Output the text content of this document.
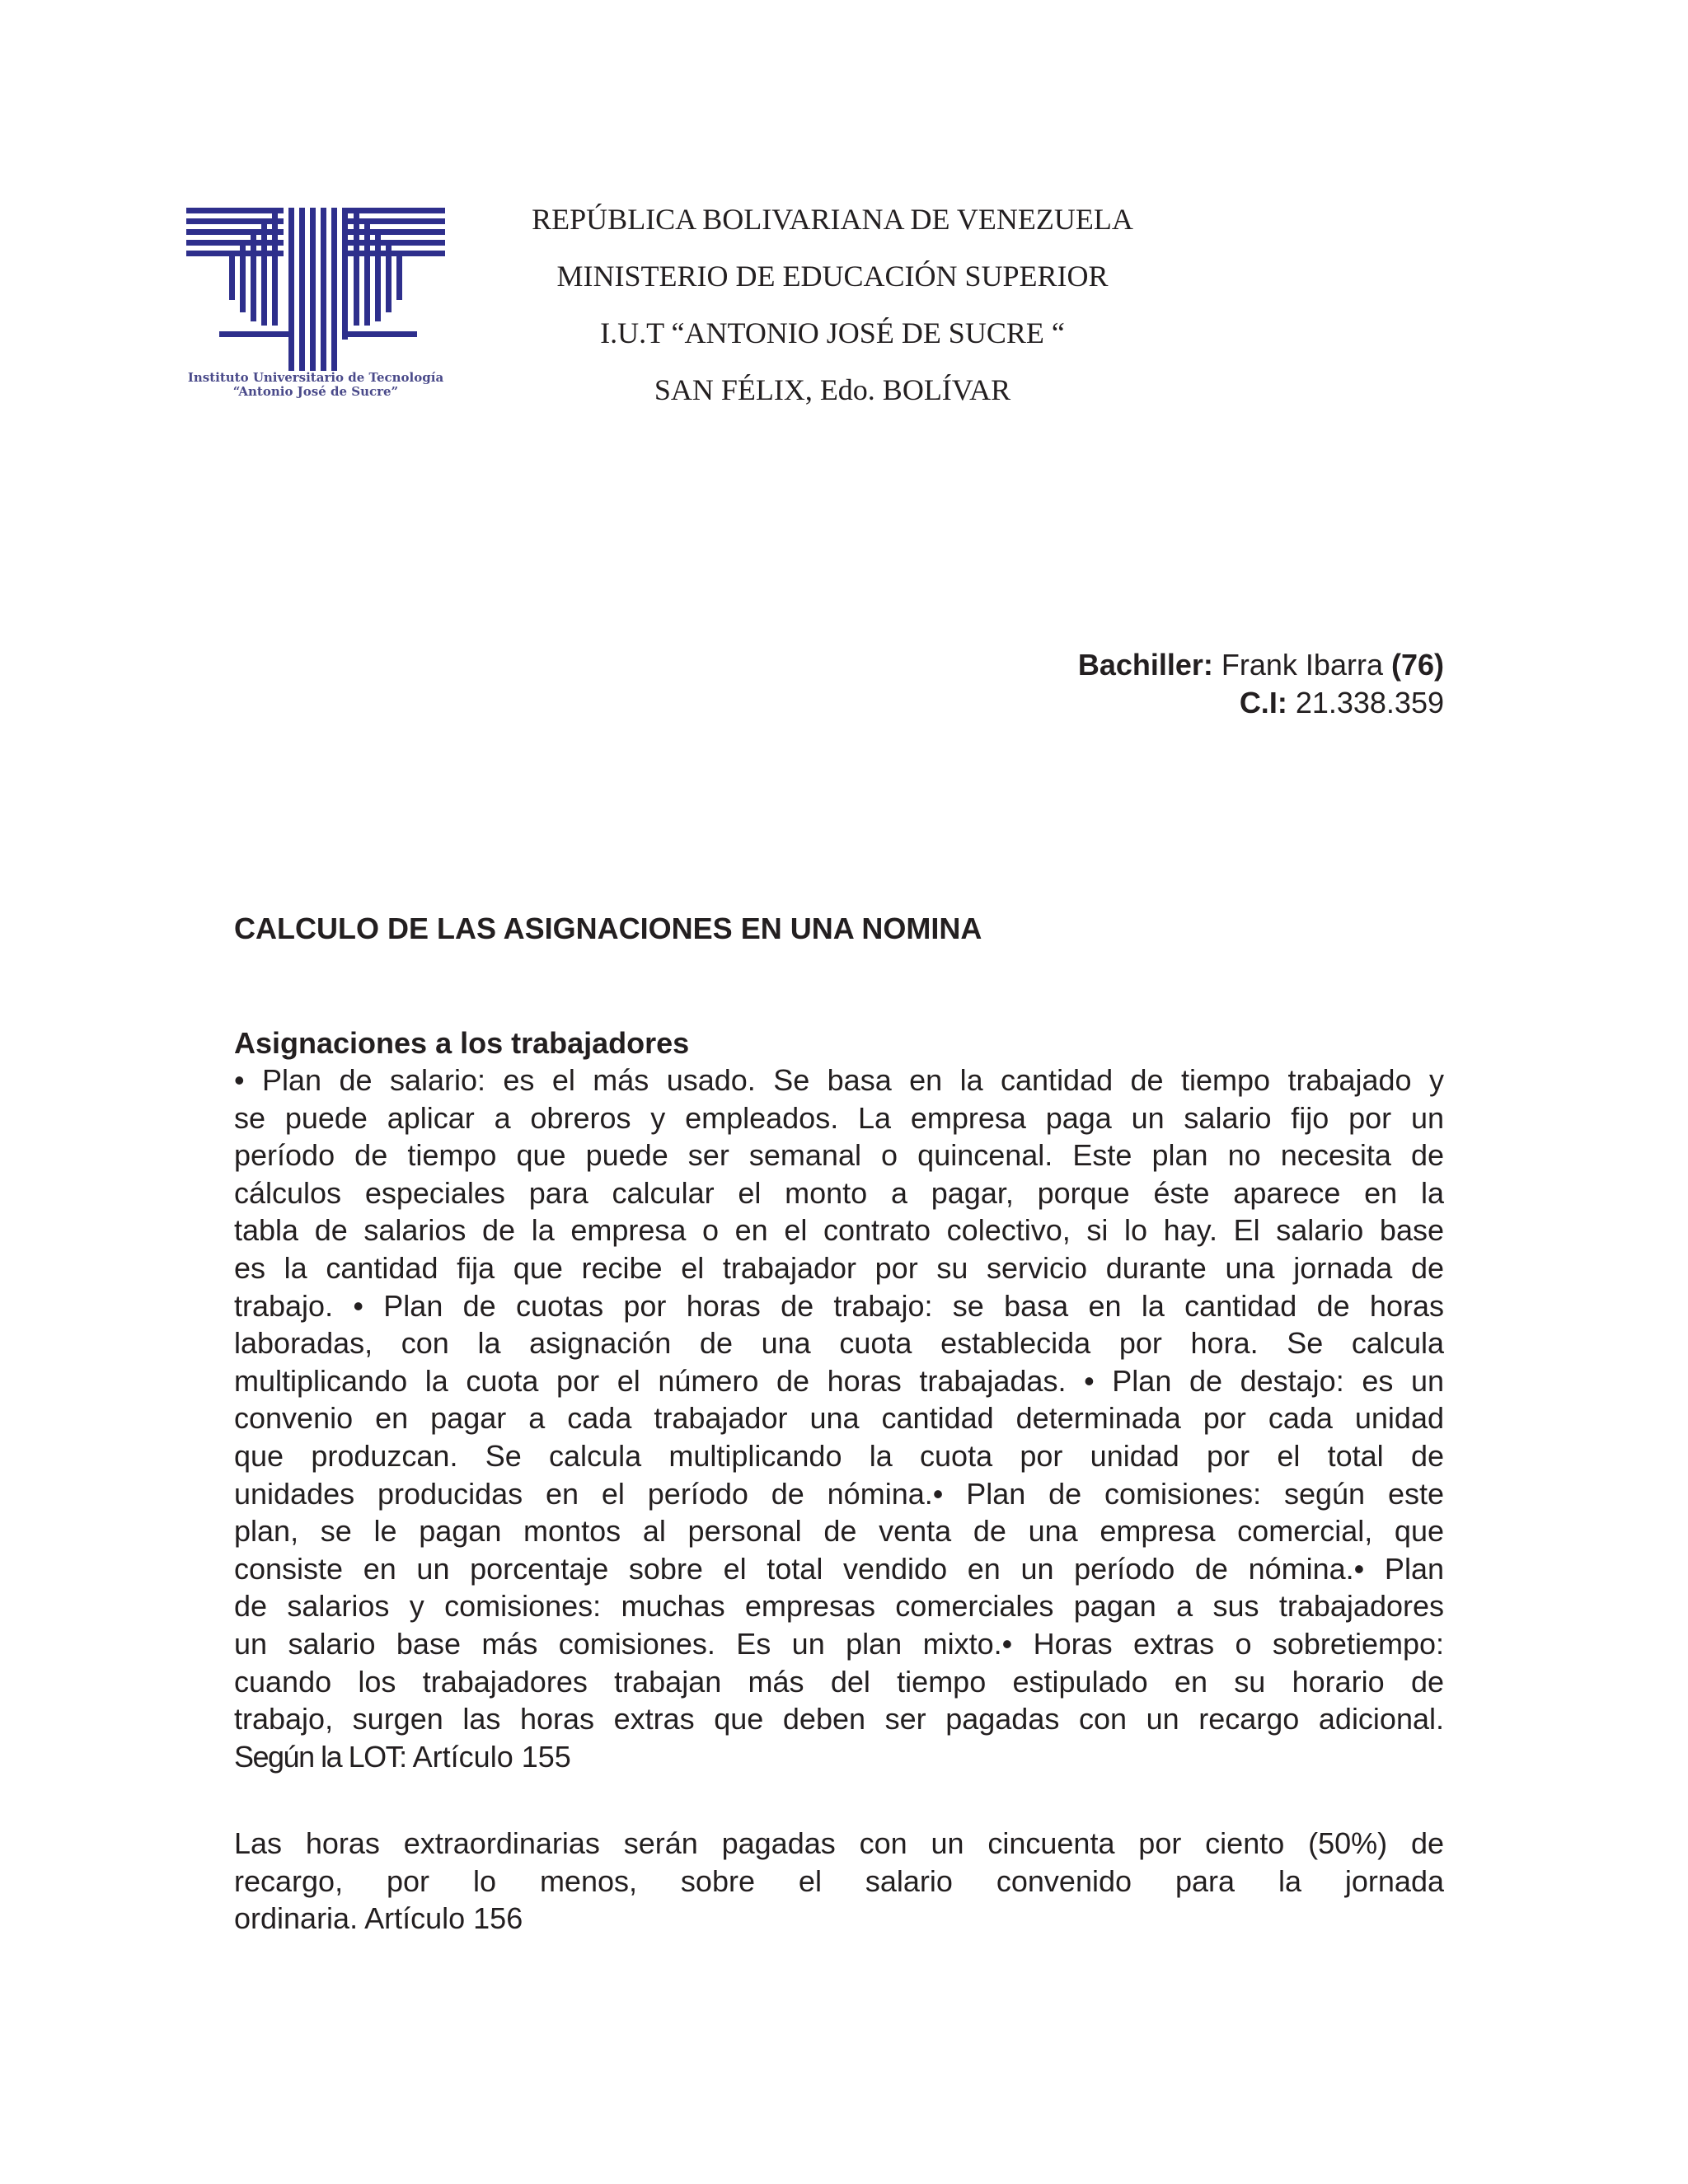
Instituto Universitario de Tecnología
“Antonio José de Sucre”
REPÚBLICA BOLIVARIANA DE VENEZUELA
MINISTERIO DE EDUCACIÓN SUPERIOR
I.U.T “ANTONIO JOSÉ DE SUCRE “
SAN FÉLIX, Edo. BOLÍVAR
Bachiller: Frank Ibarra (76)
C.I: 21.338.359
CALCULO DE LAS ASIGNACIONES EN UNA NOMINA
Asignaciones a los trabajadores
• Plan de salario: es el más usado. Se basa en la cantidad de tiempo trabajado y
se puede aplicar a obreros y empleados. La empresa paga un salario fijo por un
período de tiempo que puede ser semanal o quincenal. Este plan no necesita de
cálculos especiales para calcular el monto a pagar, porque éste aparece en la
tabla de salarios de la empresa o en el contrato colectivo, si lo hay. El salario base
es la cantidad fija que recibe el trabajador por su servicio durante una jornada de
trabajo. • Plan de cuotas por horas de trabajo: se basa en la cantidad de horas
laboradas, con la asignación de una cuota establecida por hora. Se calcula
multiplicando la cuota por el número de horas trabajadas. • Plan de destajo: es un
convenio en pagar a cada trabajador una cantidad determinada por cada unidad
que produzcan. Se calcula multiplicando la cuota por unidad por el total de
unidades producidas en el período de nómina.• Plan de comisiones: según este
plan, se le pagan montos al personal de venta de una empresa comercial, que
consiste en un porcentaje sobre el total vendido en un período de nómina.• Plan
de salarios y comisiones: muchas empresas comerciales pagan a sus trabajadores
un salario base más comisiones. Es un plan mixto.• Horas extras o sobretiempo:
cuando los trabajadores trabajan más del tiempo estipulado en su horario de
trabajo, surgen las horas extras que deben ser pagadas con un recargo adicional.
Según la LOT: Artículo 155
Las horas extraordinarias serán pagadas con un cincuenta por ciento (50%) de
recargo, por lo menos, sobre el salario convenido para la jornada
ordinaria. Artículo 156
